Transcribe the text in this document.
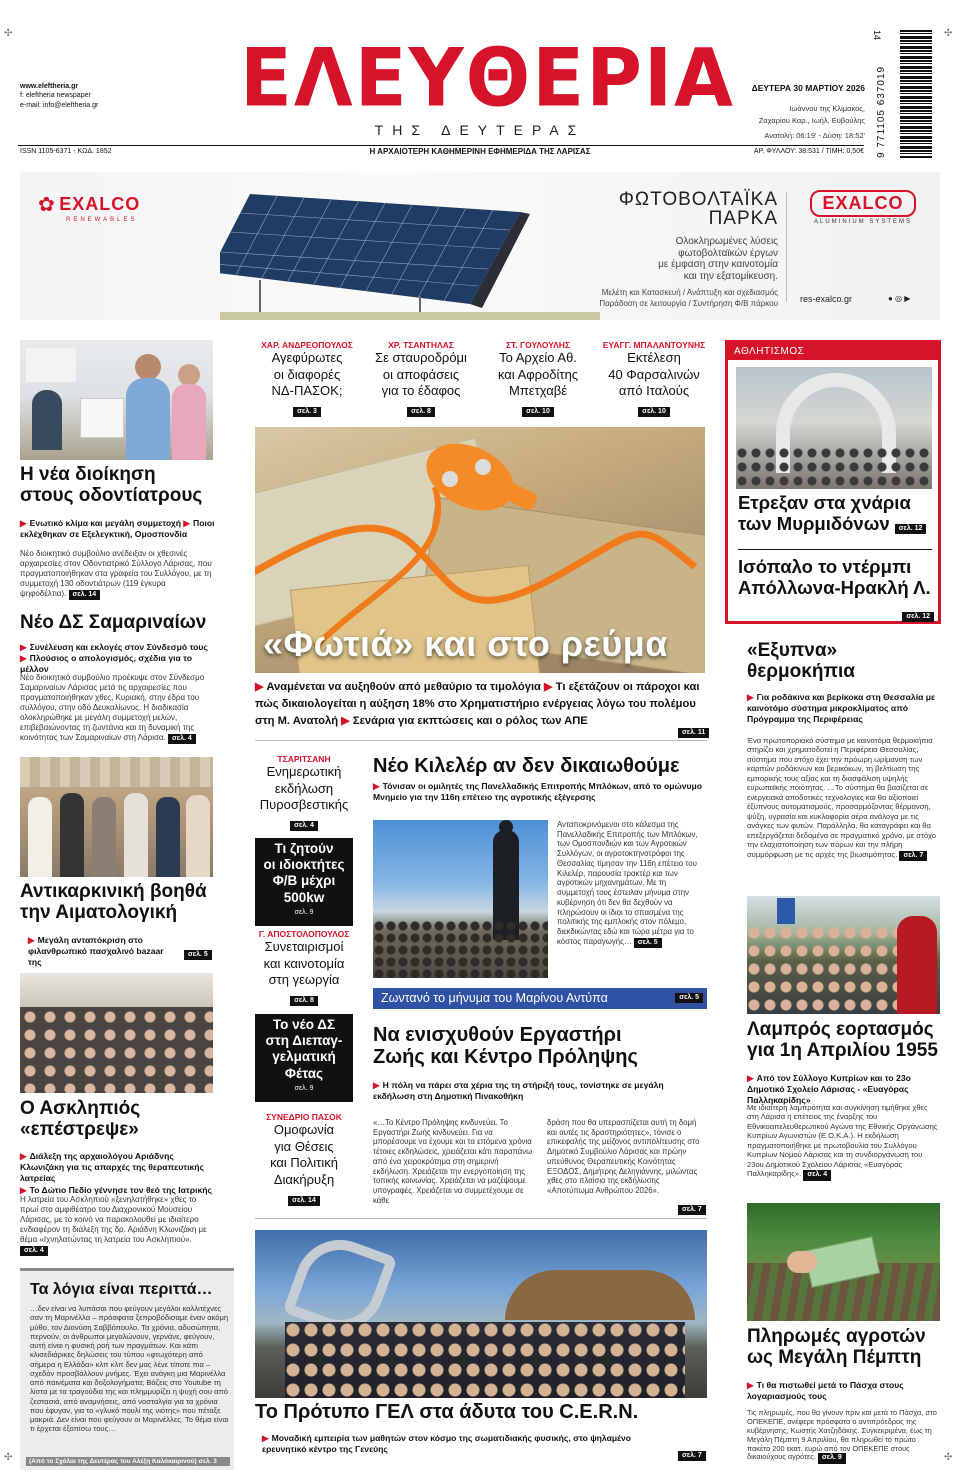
www.eleftheria.gr
f: eleftheria newspaper
e-mail: info@eleftheria.gr ΕΛΕΥΘΕΡΙΑ
ΤΗΣ ΔΕΥΤΕΡΑΣ
ΔΕΥΤΕΡΑ 30 ΜΑΡΤΙΟΥ 2026
Ιωάννου της Κλίμακος,
Ζαχαρίου Καρ., Ιωήλ, Ευβούλης
Ανατολή: 06:19' - Δύση: 18:52'
ISSN 1105-6371 - ΚΩΔ. 1852	Η ΑΡΧΑΙΟΤΕΡΗ ΚΑΘΗΜΕΡΙΝΗ ΕΦΗΜΕΡΙΔΑ ΤΗΣ ΛΑΡΙΣΑΣ	ΑΡ. ΦΥΛΛΟΥ: 38.531 / ΤΙΜΗ: 0,50€
14
9 771105 637019
✿ EXALCO
RENEWABLES
ΦΩΤΟΒΟΛΤΑΪΚΑ
ΠΑΡΚΑ
Ολοκληρωμένες λύσεις
φωτοβολταϊκών έργων
με έμφαση στην καινοτομία
και την εξατομίκευση.
Μελέτη και Κατασκευή / Ανάπτυξη και σχεδιασμός
Παράδοση σε λειτουργία / Συντήρηση Φ/Β πάρκου
EXALCO
ALUMINIUM SYSTEMS
res-exalco.gr	● ◎ ▶
Η νέα διοίκηση
στους οδοντίατρους
▶ Ενωτικό κλίμα και μεγάλη συμμετοχή ▶ Ποιοι εκλέχθηκαν σε Εξελεγκτική, Ομοσπονδία
Νέο διοικητικό συμβούλιο ανέδειξαν οι χθεσινές αρχαιρεσίες στον Οδοντιατρικό Σύλλογο Λάρισας, που πραγματοποιήθηκαν στα γραφεία του Συλλόγου, με τη συμμετοχή 130 οδοντιάτρων (119 έγκυρα ψηφοδέλτια). σελ. 14
Νέο ΔΣ Σαμαριναίων
▶ Συνέλευση και εκλογές στον Σύνδεσμό τους
▶ Πλούσιος ο απολογισμός, σχέδια για το μέλλον
Νέο διοικητικό συμβούλιο προέκυψε στον Σύνδεσμο Σαμαριναίων Λάρισας μετά τις αρχαιρεσίες που πραγματοποιήθηκαν χθες, Κυριακή, στην έδρα του συλλόγου, στην οδό Δευκαλίωνος. Η διαδικασία ολοκληρώθηκε με μεγάλη συμμετοχή μελών, επιβεβαιώνοντας τη ζωντάνια και τη δυναμική της κοινότητας των Σαμαριναίων στη Λάρισα. σελ. 4
Αντικαρκινική βοηθά
την Αιματολογική
▶ Μεγάλη ανταπόκριση στο φιλανθρωπικό πασχαλινό bazaar της
σελ. 5
Ο Ασκληπιός
«επέστρεψε»
▶ Διάλεξη της αρχαιολόγου Αριάδνης Κλωνιζάκη για τις απαρχές της θεραπευτικής λατρείας
▶ Το Δώτιο Πεδίο γέννησε τον θεό της Ιατρικής
Η λατρεία του Ασκληπιού «ξενηλατήθηκε» χθες το πρωί στο αμφιθέατρο του Διαχρονικού Μουσείου Λάρισας, με το κοινό να παρακολουθεί με ιδιαίτερο ενδιαφέρον τη διάλεξη της δρ. Αριάδνη Κλωνιζάκη με θέμα «Ιχνηλατώντας τη λατρεία του Ασκληπιού». σελ. 4
Τα λόγια είναι περιττά…
…δεν είναι να λυπάσαι που φεύγουν μεγάλοι καλλιτέχνες σαν τη Μαρινέλλα – πρόσφατα ξεπροβόδισαμε έναν ακόμη μύθο, τον Διονύση Σαββόπουλο. Τα χρόνια, αδυσώπητα, περνούν, οι άνθρωποι μεγαλώνουν, γερνάνε, φεύγουν, αυτή είναι η φυσική ροή των πραγμάτων. Και κάπι κλισεδιάρικες δηλώσεις του τύπου «φτωχότερη από σήμερα η Ελλάδα» κλπ κλπ δεν μας λένε τίποτε πια – σχεδόν προσβάλλουν μνήμες. Έχει ανάγκη μια Μαρινέλλα από παινέματα και δοξολογήματα; Βάζεις στο Youtube τη λίστα με τα τραγούδια της και πλημμυρίζει η ψυχή σου από ζεστασιά, από αναμνήσεις, από νοσταλγία για τα χρόνια που έφυγαν, για το «γλυκό πουλί της νιότης» που πέταξε μακριά. Δεν είναι που φεύγουν οι Μαρινέλλες. Το θέμα είναι τι έρχεται έξοπίσω τους…
(Από το Σχόλιο της Δευτέρας του Αλέξη Καλόκαιρινού) σελ. 3
ΧΑΡ. ΑΝΔΡΕΟΠΟΥΛΟΣ
Αγεφύρωτες
οι διαφορές
ΝΔ-ΠΑΣΟΚ;
σελ. 3
ΧΡ. ΤΣΑΝΤΗΛΑΣ
Σε σταυροδρόμι
οι αποφάσεις
για το έδαφος
σελ. 8
ΣΤ. ΓΟΥΛΟΥΛΗΣ
Το Αρχείο Αθ.
και Αφροδίτης
Μπετχαβέ
σελ. 10
ΕΥΑΓΓ. ΜΠΑΛΑΝΤΟΥΝΗΣ
Εκτέλεση
40 Φαρσαλινών
από Ιταλούς
σελ. 10
«Φωτιά» και στο ρεύμα
▶ Αναμένεται να αυξηθούν από μεθαύριο τα τιμολόγια ▶ Τι εξετάζουν οι πάροχοι και πώς δικαιολογείται η αύξηση 18% στο Χρηματιστήριο ενέργειας λόγω του πολέμου στη Μ. Ανατολή ▶ Σενάρια για εκπτώσεις και ο ρόλος των ΑΠΕ
σελ. 11
ΤΣΑΡΙΤΣΑΝΗ
Ενημερωτική
εκδήλωση
Πυροσβεστικής
σελ. 4
Τι ζητούν
οι ιδιοκτήτες
Φ/Β μέχρι
500kw
σελ. 9
Γ. ΑΠΟΣΤΟΛΟΠΟΥΛΟΣ
Συνεταιρισμοί
και καινοτομία
στη γεωργία
σελ. 8
Το νέο ΔΣ
στη Διεπαγ-
γελματική
Φέτας
σελ. 9
ΣΥΝΕΔΡΙΟ ΠΑΣΟΚ
Ομοφωνία
για Θέσεις
και Πολιτική
Διακήρυξη
σελ. 14
Νέο Κιλελέρ αν δεν δικαιωθούμε
▶ Τόνισαν οι ομιλητές της Πανελλαδικής Επιτροπής Μπλόκων, από το ομώνυμο Μνημείο για την 116η επέτειο της αγροτικής εξέγερσης
Ανταποκρινόμενοι στο κάλεσμα της Πανελλαδικής Επιτροπής των Μπλόκων, των Ομοσπονδιών και των Αγροτικών Συλλόγων, οι αγροτοκτηνοτρόφοι της Θεσσαλίας τίμησαν την 116η επέτειο του Κιλελέρ, παρουσία τρακτέρ και των αγροτικών μηχανημάτων. Με τη συμμετοχή τους έστειλαν μήνυμα στην κυβέρνηση ότι δεν θα δεχθούν να πληρώσουν οι ίδιοι το σπασμένα της πολιτικής της εμπλοκής στον πόλεμο, διεκδικώντας εδώ και τώρα μέτρα για το κόστος παραγωγής… σελ. 5
Ζωντανό το μήνυμα του Μαρίνου Αντύπα	σελ. 5
Να ενισχυθούν Εργαστήρι
Ζωής και Κέντρο Πρόληψης
▶ Η πόλη να πάρει στα χέρια της τη στήριξή τους, τονίστηκε σε μεγάλη εκδήλωση στη Δημοτική Πινακοθήκη
«…Το Κέντρο Πρόληψης κινδυνεύει. Το Εργαστήρι Ζωής κινδυνεύει. Για να μπορέσουμε να έχουμε και τα επόμενα χρόνια τέτοιες εκδηλώσεις, χρειάζεται κάτι παραπάνω από ένα χειροκρότημα στη σημερινή εκδήλωση. Χρειάζεται την ενεργοποίηση της τοπικής κοινωνίας. Χρειάζεται να μαζέψουμε υπογραφές. Χρειάζεται να συμμετέχουμε σε κάθε
δράση που θα υπερασπίζεται αυτή τη δομή και αυτές τις δραστηριότητες», τόνισε ο επικεφαλής της μείζονος αντιπολίτευσης στο Δημοτικό Συμβούλιο Λάρισας και πρώην υπεύθυνος Θεραπευτικής Κοινότητας ΕΞΟΔΟΣ, Δημήτρης Δεληγιάννης, μιλώντας χθες στο πλαίσιο της εκδήλωσης «Αποτύπωμα Ανθρώπου 2026».
σελ. 7
Το Πρότυπο ΓΕΛ στα άδυτα του C.E.R.N.
▶ Μοναδική εμπειρία των μαθητών στον κόσμο της σωματιδιακής φυσικής, στο ψηλαμένο ερευνητικό κέντρο της Γενεύης
σελ. 7
ΑΘΛΗΤΙΣΜΟΣ
Ετρεξαν στα χνάρια
των Μυρμιδόνων σελ. 12
Ισόπαλο το ντέρμπι
Απόλλωνα-Ηρακλή Λ.
σελ. 12
«Εξυπνα»
θερμοκήπια
▶ Για ροδάκινα και βερίκοκα στη Θεσσαλία με καινοτόμο σύστημα μικροκλίματος από Πρόγραμμα της Περιφέρειας
Ένα πρωτοποριακό σύστημα με καινοτόμα θερμοκήπια στηρίζει και χρηματοδοτεί η Περιφέρεια Θεσσαλίας, σύστημα που στόχο έχει την πρόωρη ωρίμανση των καρπών ροδάκινων και βερικόκων, τη βελτίωση της εμπορικής τους αξίας και τη διασφάλιση υψηλής ευρωπαϊκής ποιότητας. …Το σύστημα θα βασίζεται σε ενεργειακά αποδοτικές τεχνολογίες και θα αξιοποιεί έξυπνους αυτοματισμούς, προσαρμόζοντας θέρμανση, ψύξη, υγρασία και κυκλοφορία αέρα ανάλογα με τις ανάγκες των φυτών. Παράλληλα, θα καταγράφει και θα επεξεργάζεται δεδομένα σε πραγματικό χρόνο, με στόχο την ελαχιστοποίηση των πόρων και την πλήρη συμμόρφωση με τις αρχές της βιωσιμότητας. σελ. 7
Λαμπρός εορτασμός
για 1η Απριλίου 1955
▶ Από τον Σύλλογο Κυπρίων και το 23ο Δημοτικό Σχολείο Λάρισας - «Ευαγόρας Παλληκαρίδης»
Με ιδιαίτερη λαμπρότητα και συγκίνηση τιμήθηκε χθες στη Λάρισα η επέτειος της έναρξης του Εθνικοαπελευθερωτικού Αγώνα της Εθνικής Οργάνωσης Κυπρίων Αγωνιστών (Ε.Ο.Κ.Α.). Η εκδήλωση πραγματοποιήθηκε με πρωτοβουλία του Συλλόγου Κυπρίων Νομού Λάρισας και τη συνδιοργάνωση του 23ου Δημοτικού Σχολείου Λάρισας «Ευαγόρας Παλληκαρίδης». σελ. 4
Πληρωμές αγροτών
ως Μεγάλη Πέμπτη
▶ Τι θα πιστωθεί μετά το Πάσχα στους λογαριασμούς τους
Τις πληρωμές, που θα γίνουν πριν και μετά το Πάσχα, στο ΟΠΕΚΕΠΕ, ανέφερε πρόσφατα ο αντιπρόεδρος της κυβέρνησης, Κωστής Χατζηδάκης. Συγκεκριμένα, έως τη Μεγάλη Πέμπτη 9 Απριλίου, θα πληρωθεί το πρώτο πακέτο 200 εκατ. ευρώ από τον ΟΠΕΚΕΠΕ στους δικαιούχους αγρότες. σελ. 9
✣	✣
✣	✣
